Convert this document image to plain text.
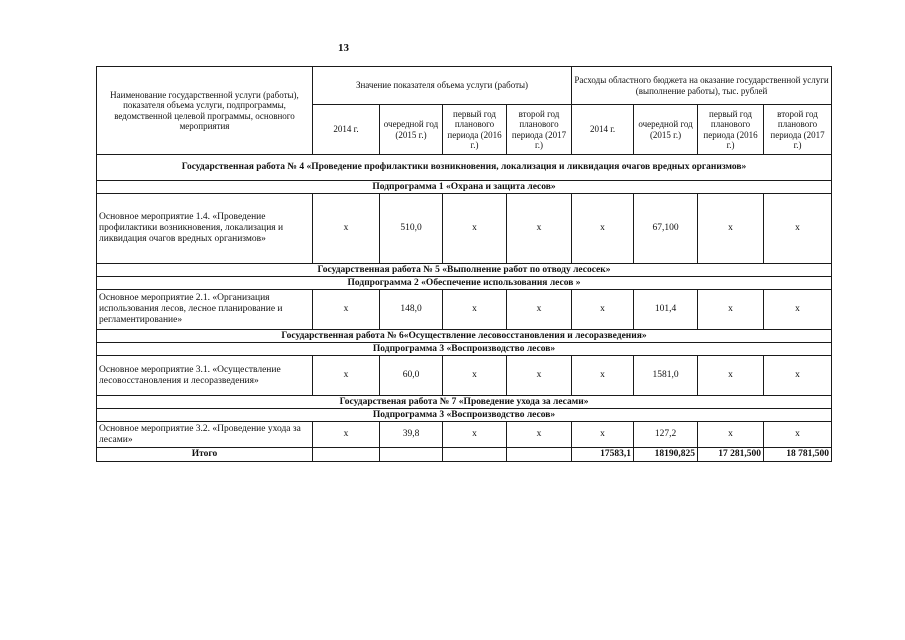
13
Наименование государственной услуги (работы), показателя объема услуги, подпрограммы, ведомственной целевой программы, основного мероприятия	Значение показателя объема услуги (работы)				Расходы областного бюджета на оказание государственной услуги (выполнение работы), тыс. рублей			
	2014 г.	очередной год (2015 г.)	первый год планового периода (2016 г.)	второй год планового периода (2017 г.)	2014 г.	очередной год (2015 г.)	первый год планового периода (2016 г.)	второй год планового периода (2017 г.)
Государственная работа № 4 «Проведение профилактики возникновения, локализация и ликвидация очагов вредных организмов»								
Подпрограмма 1 «Охрана и защита лесов»								
Основное мероприятие 1.4. «Проведение профилактики возникновения, локализация и ликвидация очагов вредных организмов»	х	510,0	х	х	х	67,100	х	х
Государственная работа № 5 «Выполнение работ по отводу лесосек»								
Подпрограмма 2 «Обеспечение использования лесов »								
Основное мероприятие 2.1. «Организация использования лесов, лесное планирование и регламентирование»	х	148,0	х	х	х	101,4	х	х
Государственная работа № 6«Осуществление лесовосстановления и лесоразведения»								
Подпрограмма 3 «Воспроизводство лесов»								
Основное мероприятие 3.1. «Осуществление лесовосстановления и лесоразведения»	х	60,0	х	х	х	1581,0	х	х
Государственая работа № 7 «Проведение ухода за лесами»								
Подпрограмма 3 «Воспроизводство лесов»								
Основное мероприятие 3.2. «Проведение ухода за лесами»	х	39,8	х	х	х	127,2	х	х
Итого					17583,1	18190,825	17 281,500	18 781,500
